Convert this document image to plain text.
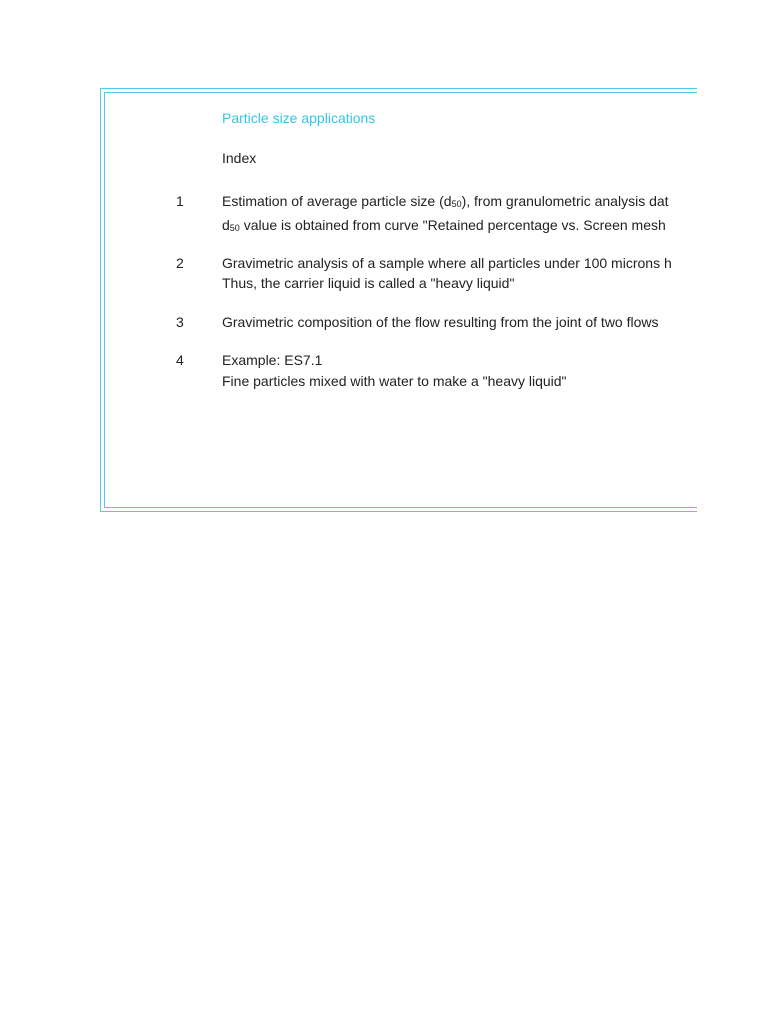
Particle size applications
Index
1	Estimation of average particle size $(d_{50})$, from granulometric analysis dat
$d_{50}$ value is obtained from curve "Retained percentage vs. Screen mesh
2	Gravimetric analysis of a sample where all particles under 100 microns h
Thus, the carrier liquid is called a "heavy liquid"
3	Gravimetric composition of the flow resulting from the joint of two flows
4	Example: ES7.1
Fine particles mixed with water to make a "heavy liquid"
